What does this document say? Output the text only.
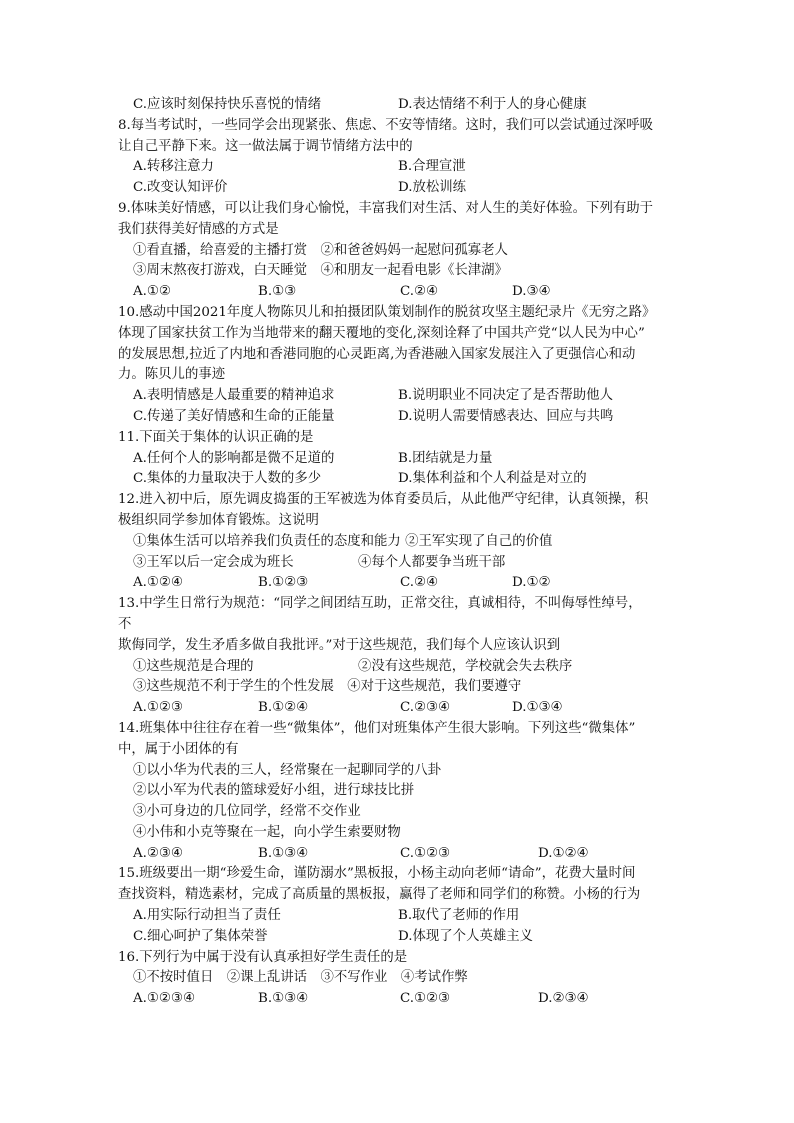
C.应该时刻保持快乐喜悦的情绪	D.表达情绪不利于人的身心健康
8.每当考试时，一些同学会出现紧张、焦虑、不安等情绪。这时，我们可以尝试通过深呼吸
让自己平静下来。这一做法属于调节情绪方法中的
A.转移注意力	B.合理宣泄
C.改变认知评价	D.放松训练
9.体味美好情感，可以让我们身心愉悦，丰富我们对生活、对人生的美好体验。下列有助于
我们获得美好情感的方式是
①看直播，给喜爱的主播打赏　②和爸爸妈妈一起慰问孤寡老人
③周末熬夜打游戏，白天睡觉　④和朋友一起看电影《长津湖》
A.①②	B.①③	C.②④	D.③④
10.感动中国2021年度人物陈贝儿和拍摄团队策划制作的脱贫攻坚主题纪录片《无穷之路》
体现了国家扶贫工作为当地带来的翻天覆地的变化,深刻诠释了中国共产党“以人民为中心”
的发展思想,拉近了内地和香港同胞的心灵距离,为香港融入国家发展注入了更强信心和动
力。陈贝儿的事迹
A.表明情感是人最重要的精神追求	B.说明职业不同决定了是否帮助他人
C.传递了美好情感和生命的正能量	D.说明人需要情感表达、回应与共鸣
11.下面关于集体的认识正确的是
A.任何个人的影响都是微不足道的	B.团结就是力量
C.集体的力量取决于人数的多少	D.集体利益和个人利益是对立的
12.进入初中后，原先调皮捣蛋的王军被选为体育委员后，从此他严守纪律，认真领操，积
极组织同学参加体育锻炼。这说明
①集体生活可以培养我们负责任的态度和能力 ②王军实现了自己的价值
③王军以后一定会成为班长	④每个人都要争当班干部
A.①②④	B.①②③	C.②④	D.①②
13.中学生日常行为规范：“同学之间团结互助，正常交往，真诚相待，不叫侮辱性绰号，
不
欺侮同学，发生矛盾多做自我批评。”对于这些规范，我们每个人应该认识到
①这些规范是合理的	②没有这些规范，学校就会失去秩序
③这些规范不利于学生的个性发展　④对于这些规范，我们要遵守
A.①②③	B.①②④	C.②③④	D.①③④
14.班集体中往往存在着一些“微集体”，他们对班集体产生很大影响。下列这些“微集体”
中，属于小团体的有
①以小华为代表的三人，经常聚在一起聊同学的八卦
②以小军为代表的篮球爱好小组，进行球技比拼
③小可身边的几位同学，经常不交作业
④小伟和小克等聚在一起，向小学生索要财物
A.②③④	B.①③④	C.①②③	D.①②④
15.班级要出一期“珍爱生命，谨防溺水”黑板报，小杨主动向老师“请命”，花费大量时间
查找资料，精选素材，完成了高质量的黑板报，赢得了老师和同学们的称赞。小杨的行为
A.用实际行动担当了责任	B.取代了老师的作用
C.细心呵护了集体荣誉	D.体现了个人英雄主义
16.下列行为中属于没有认真承担好学生责任的是
①不按时值日　②课上乱讲话　③不写作业　④考试作弊
A.①②③④	B.①③④	C.①②③	D.②③④
